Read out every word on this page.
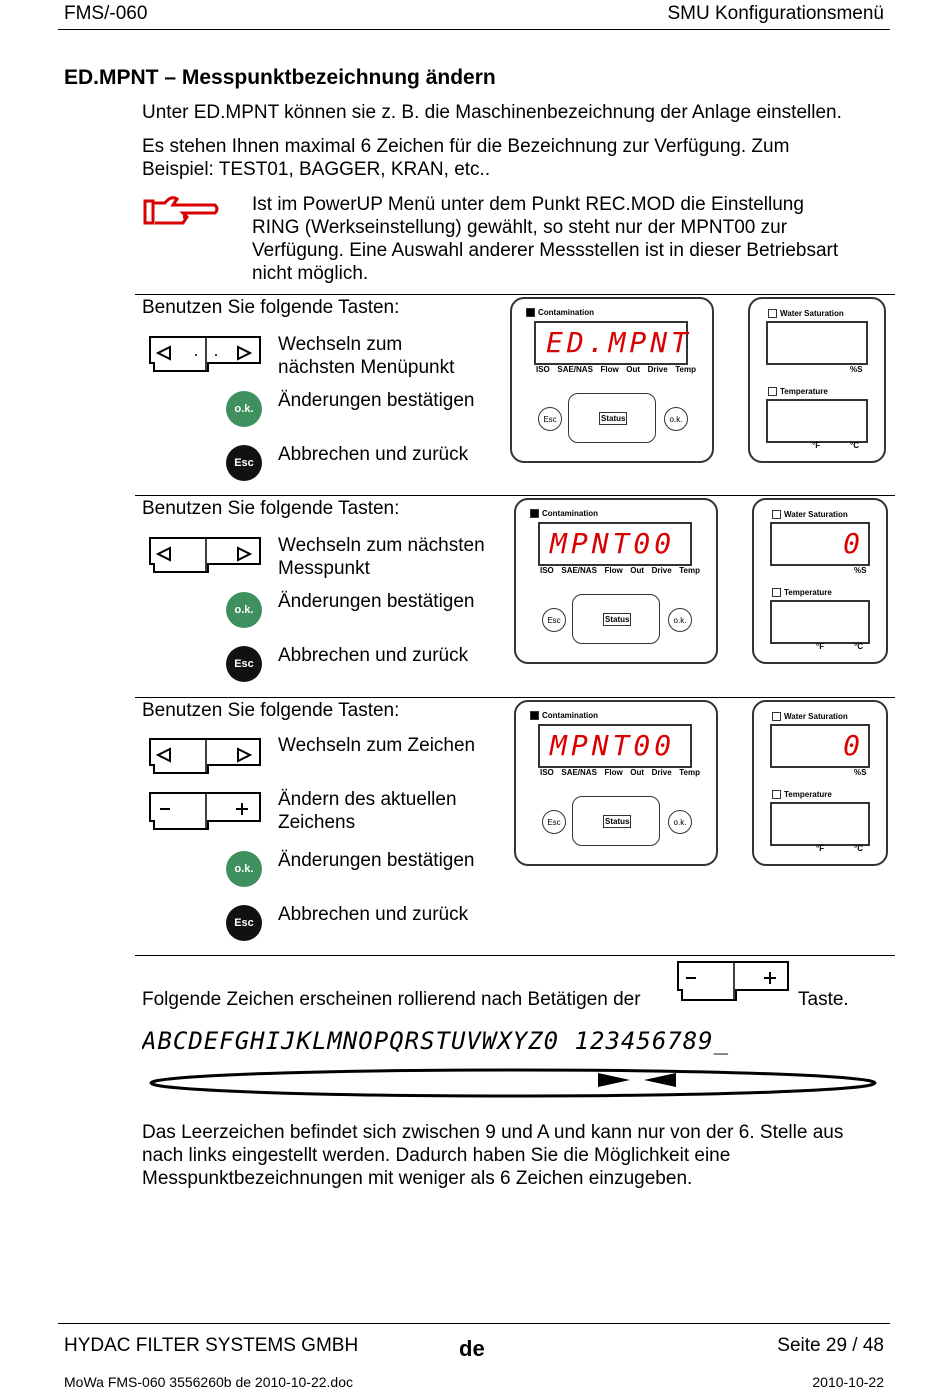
FMS/-060	SMU Konfigurationsmenü
ED.MPNT – Messpunktbezeichnung ändern
Unter ED.MPNT können sie z. B. die Maschinenbezeichnung der Anlage einstellen.
Es stehen Ihnen maximal 6 Zeichen für die Bezeichnung zur Verfügung. Zum
Beispiel: TEST01, BAGGER, KRAN, etc..
Ist im PowerUP Menü unter dem Punkt REC.MOD die Einstellung
RING (Werkseinstellung) gewählt, so steht nur der MPNT00 zur
Verfügung. Eine Auswahl anderer Messstellen ist in dieser Betriebsart
nicht möglich.
Benutzen Sie folgende Tasten:
Wechseln zum
nächsten Menüpunkt
o.k.	Änderungen bestätigen
Esc	Abbrechen und zurück
Contamination
ED.MPNT
ISO SAE/NAS Flow Out Drive Temp
Esc	o.k.
Status
Water Saturation
%S
Temperature
°F	°C
Benutzen Sie folgende Tasten:
Wechseln zum nächsten
Messpunkt
o.k.	Änderungen bestätigen
Esc	Abbrechen und zurück
Contamination
MPNT00
ISO SAE/NAS Flow Out Drive Temp
Esc	o.k.
Status
Water Saturation
0
%S
Temperature
°F	°C
Benutzen Sie folgende Tasten:
Wechseln zum Zeichen
Ändern des aktuellen
Zeichens
o.k.	Änderungen bestätigen
Esc	Abbrechen und zurück
Contamination
MPNT00
ISO SAE/NAS Flow Out Drive Temp
Esc	o.k.
Status
Water Saturation
0
%S
Temperature
°F	°C
Folgende Zeichen erscheinen rollierend nach Betätigen der	Taste.
ABCDEFGHIJKLMNOPQRSTUVWXYZ0 123456789_
Das Leerzeichen befindet sich zwischen 9 und A und kann nur von der 6. Stelle aus
nach links eingestellt werden. Dadurch haben Sie die Möglichkeit eine
Messpunktbezeichnungen mit weniger als 6 Zeichen einzugeben.
HYDAC FILTER SYSTEMS GMBH	de	Seite 29 / 48
MoWa FMS-060 3556260b de 2010-10-22.doc	2010-10-22
